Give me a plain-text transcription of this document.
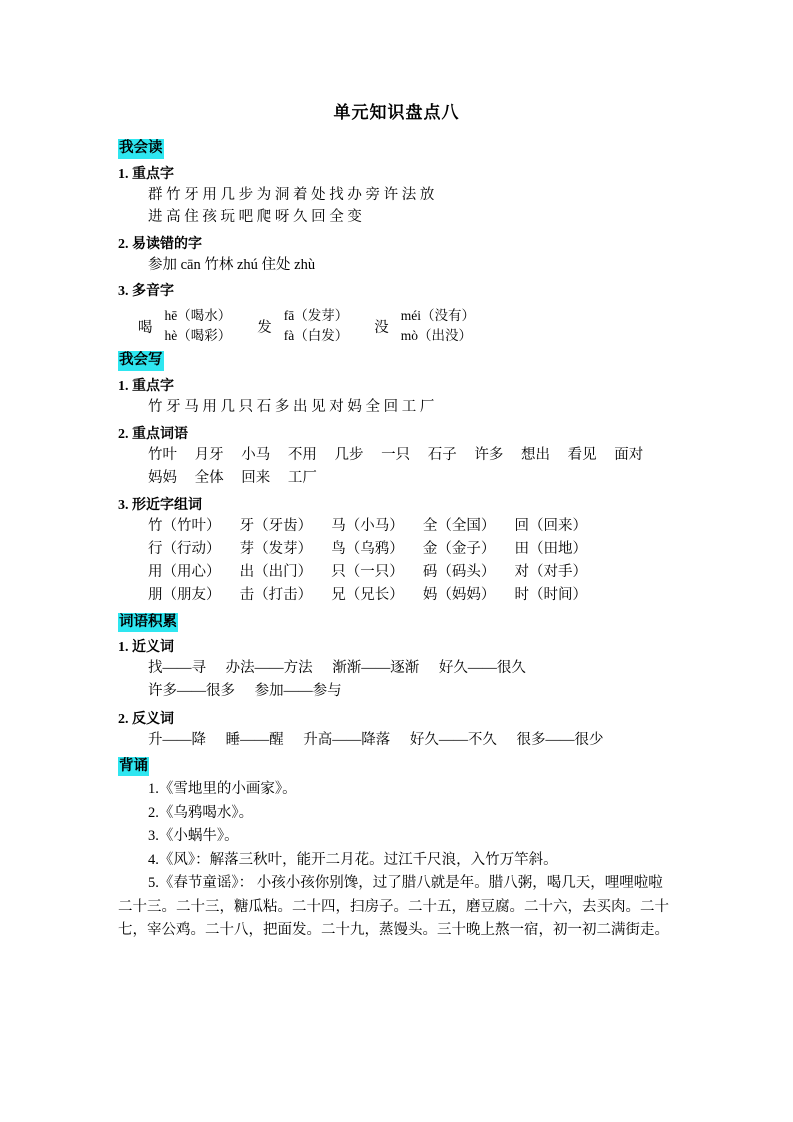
单元知识盘点八
我会读
1. 重点字
群 竹 牙 用 几 步 为 洞 着 处 找 办 旁 许 法 放
进 高 住 孩 玩 吧 爬 呀 久 回 全 变
2. 易读错的字
参加 cān 竹林 zhú 住处 zhù
3. 多音字
喝
hē（喝水）
hè（喝彩） 发
fā（发芽）
fà（白发） 没
méi（没有）
mò（出没）
我会写
1. 重点字
竹 牙 马 用 几 只 石 多 出 见 对 妈 全 回 工 厂
2. 重点词语
竹叶 月牙 小马 不用 几步 一只 石子 许多 想出 看见 面对
妈妈 全体 回来 工厂
3. 形近字组词
竹（竹叶） 牙（牙齿） 马（小马） 全（全国） 回（回来）
行（行动） 芽（发芽） 鸟（乌鸦） 金（金子） 田（田地）
用（用心） 出（出门） 只（一只） 码（码头） 对（对手）
朋（朋友） 击（打击） 兄（兄长） 妈（妈妈） 时（时间）
词语积累
1. 近义词
找——寻 办法——方法 渐渐——逐渐 好久——很久
许多——很多 参加——参与
2. 反义词
升——降 睡——醒 升高——降落 好久——不久 很多——很少
背诵
1.《雪地里的小画家》。
2.《乌鸦喝水》。
3.《小蜗牛》。
4.《风》：解落三秋叶，能开二月花。过江千尺浪，入竹万竿斜。
5.《春节童谣》： 小孩小孩你别馋，过了腊八就是年。腊八粥，喝几天，哩哩啦啦二十三。二十三，糖瓜粘。二十四，扫房子。二十五，磨豆腐。二十六，去买肉。二十七，宰公鸡。二十八，把面发。二十九，蒸馒头。三十晚上熬一宿，初一初二满街走。
